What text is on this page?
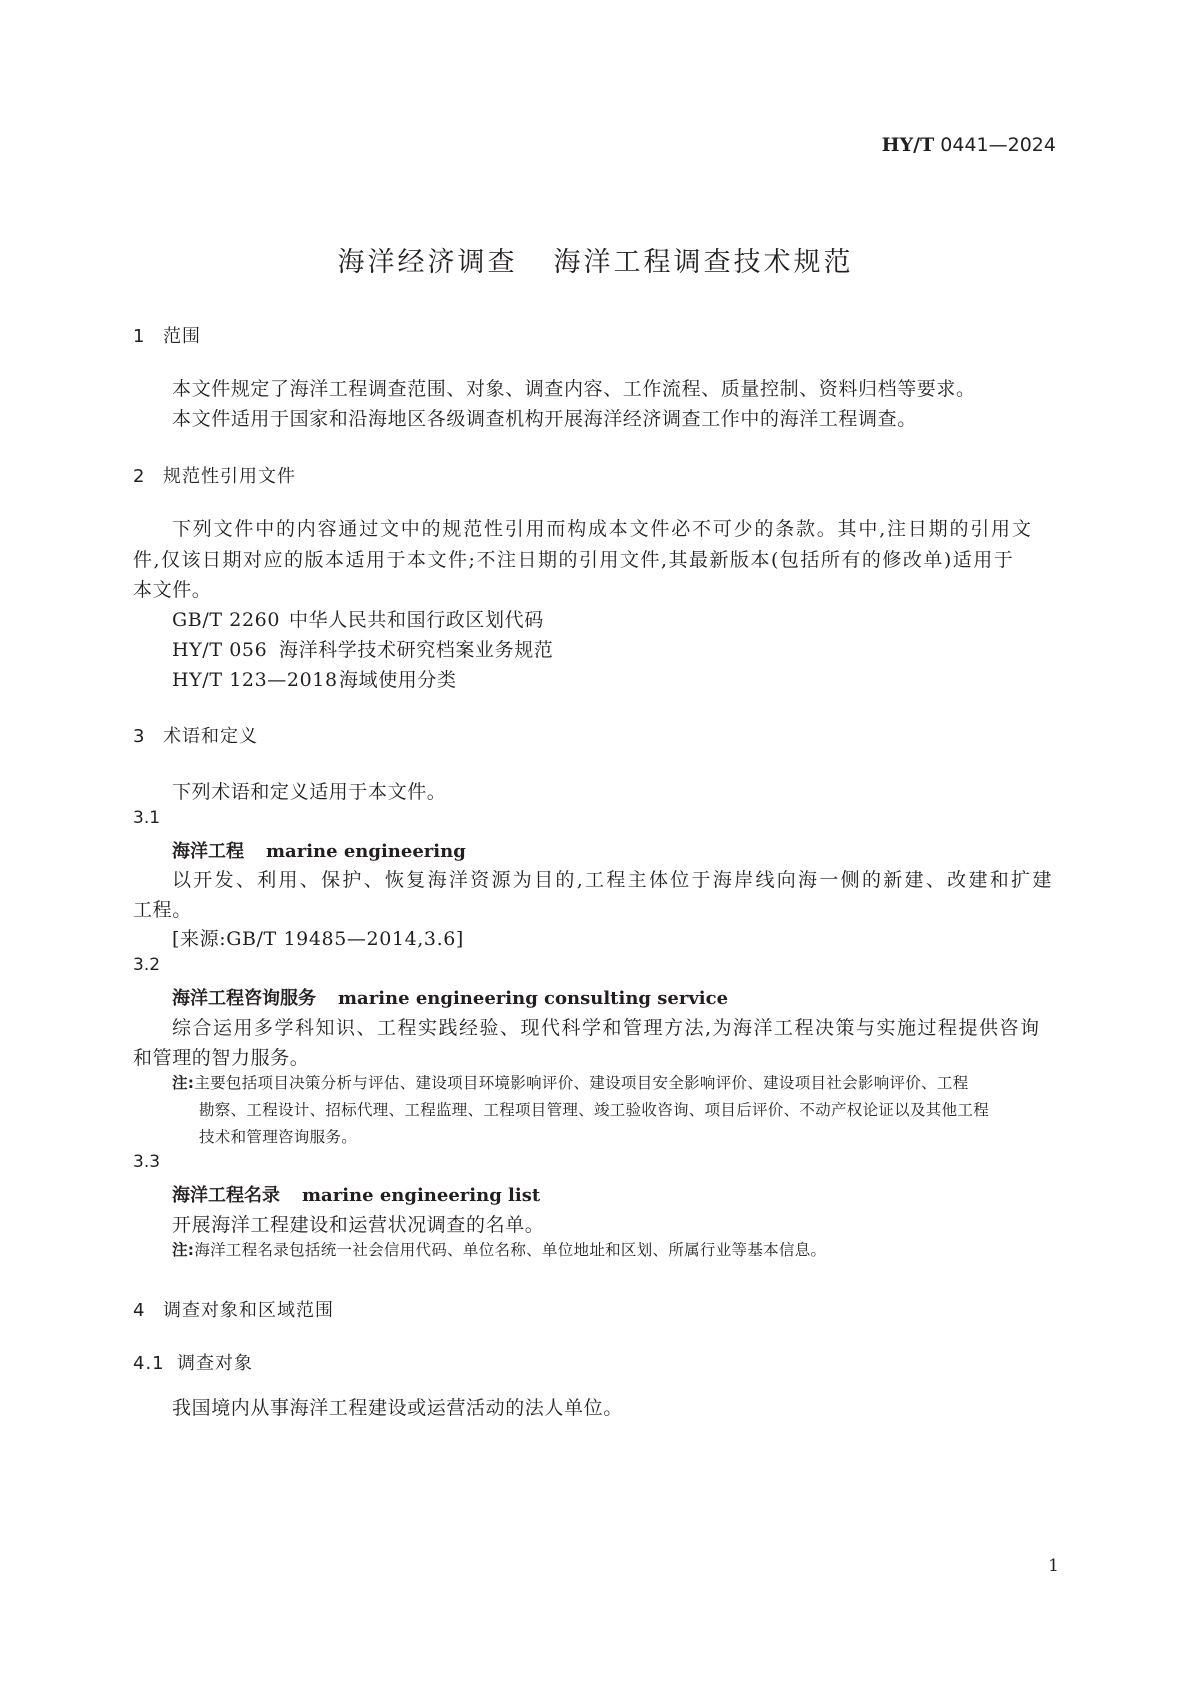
HY/T 0441—2024
海洋经济调查 海洋工程调查技术规范
1 范围
本文件规定了海洋工程调查范围、对象、调查内容、工作流程、质量控制、资料归档等要求。
本文件适用于国家和沿海地区各级调查机构开展海洋经济调查工作中的海洋工程调查。
2 规范性引用文件
下列文件中的内容通过文中的规范性引用而构成本文件必不可少的条款。其中,注日期的引用文
件,仅该日期对应的版本适用于本文件;不注日期的引用文件,其最新版本(包括所有的修改单)适用于
本文件。
GB/T 2260 中华人民共和国行政区划代码
HY/T 056 海洋科学技术研究档案业务规范
HY/T 123—2018海域使用分类
3 术语和定义
下列术语和定义适用于本文件。
3.1
海洋工程 marine engineering
以开发、利用、保护、恢复海洋资源为目的,工程主体位于海岸线向海一侧的新建、改建和扩建
工程。
[来源:GB/T 19485—2014,3.6]
3.2
海洋工程咨询服务 marine engineering consulting service
综合运用多学科知识、工程实践经验、现代科学和管理方法,为海洋工程决策与实施过程提供咨询
和管理的智力服务。
注:主要包括项目决策分析与评估、建设项目环境影响评价、建设项目安全影响评价、建设项目社会影响评价、工程
勘察、工程设计、招标代理、工程监理、工程项目管理、竣工验收咨询、项目后评价、不动产权论证以及其他工程
技术和管理咨询服务。
3.3
海洋工程名录 marine engineering list
开展海洋工程建设和运营状况调查的名单。
注:海洋工程名录包括统一社会信用代码、单位名称、单位地址和区划、所属行业等基本信息。
4 调查对象和区域范围
4.1 调查对象
我国境内从事海洋工程建设或运营活动的法人单位。
1
